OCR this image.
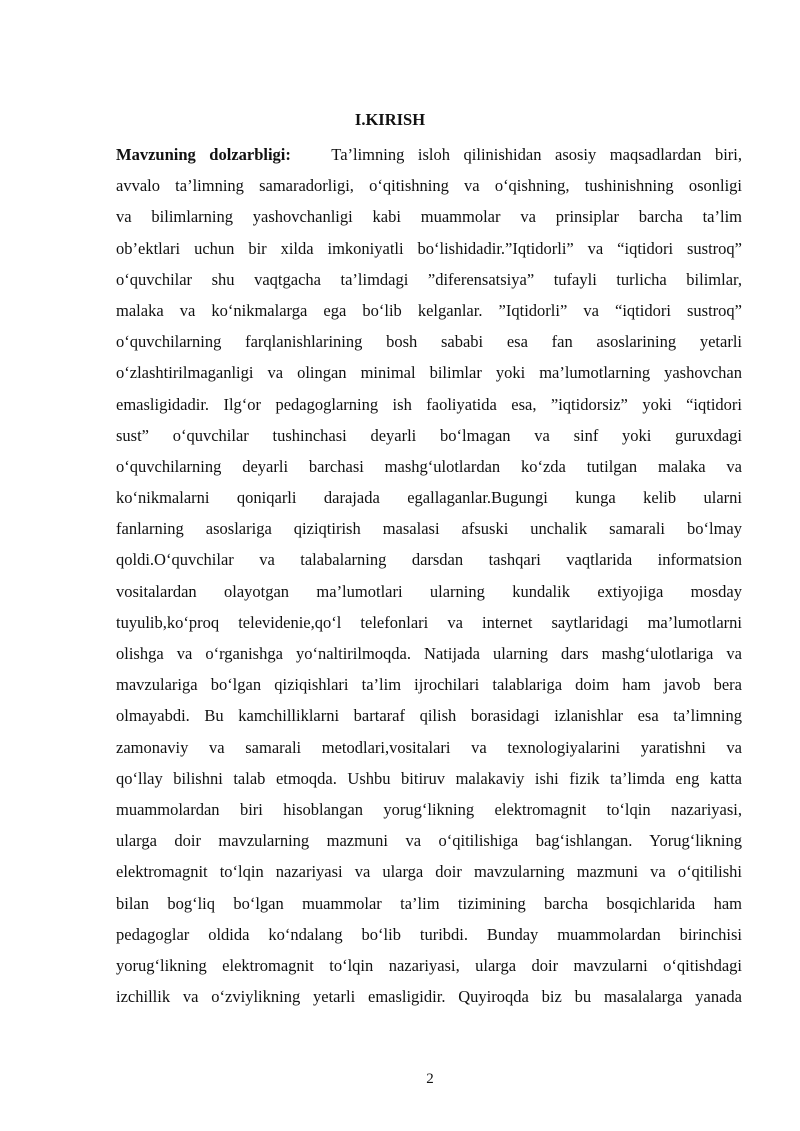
I.KIRISH
Mavzuning dolzarbligi: Ta’limning isloh qilinishidan asosiy maqsadlardan biri,
avvalo ta’limning samaradorligi, o‘qitishning va o‘qishning, tushinishning osonligi
va bilimlarning yashovchanligi kabi muammolar va prinsiplar barcha ta’lim
ob’ektlari uchun bir xilda imkoniyatli bo‘lishidadir.”Iqtidorli” va “iqtidori sustroq”
o‘quvchilar shu vaqtgacha ta’limdagi ”diferensatsiya” tufayli turlicha bilimlar,
malaka va ko‘nikmalarga ega bo‘lib kelganlar. ”Iqtidorli” va “iqtidori sustroq”
o‘quvchilarning farqlanishlarining bosh sababi esa fan asoslarining yetarli
o‘zlashtirilmaganligi va olingan minimal bilimlar yoki ma’lumotlarning yashovchan
emasligidadir. Ilg‘or pedagoglarning ish faoliyatida esa, ”iqtidorsiz” yoki “iqtidori
sust” o‘quvchilar tushinchasi deyarli bo‘lmagan va sinf yoki guruxdagi
o‘quvchilarning deyarli barchasi mashg‘ulotlardan ko‘zda tutilgan malaka va
ko‘nikmalarni qoniqarli darajada egallaganlar.Bugungi kunga kelib ularni
fanlarning asoslariga qiziqtirish masalasi afsuski unchalik samarali bo‘lmay
qoldi.O‘quvchilar va talabalarning darsdan tashqari vaqtlarida informatsion
vositalardan olayotgan ma’lumotlari ularning kundalik extiyojiga mosday
tuyulib,ko‘proq televidenie,qo‘l telefonlari va internet saytlaridagi ma’lumotlarni
olishga va o‘rganishga yo‘naltirilmoqda. Natijada ularning dars mashg‘ulotlariga va
mavzulariga bo‘lgan qiziqishlari ta’lim ijrochilari talablariga doim ham javob bera
olmayabdi. Bu kamchilliklarni bartaraf qilish borasidagi izlanishlar esa ta’limning
zamonaviy va samarali metodlari,vositalari va texnologiyalarini yaratishni va
qo‘llay bilishni talab etmoqda. Ushbu bitiruv malakaviy ishi fizik ta’limda eng katta
muammolardan biri hisoblangan yorug‘likning elektromagnit to‘lqin nazariyasi,
ularga doir mavzularning mazmuni va o‘qitilishiga bag‘ishlangan. Yorug‘likning
elektromagnit to‘lqin nazariyasi va ularga doir mavzularning mazmuni va o‘qitilishi
bilan bog‘liq bo‘lgan muammolar ta’lim tizimining barcha bosqichlarida ham
pedagoglar oldida ko‘ndalang bo‘lib turibdi. Bunday muammolardan birinchisi
yorug‘likning elektromagnit to‘lqin nazariyasi, ularga doir mavzularni o‘qitishdagi
izchillik va o‘zviylikning yetarli emasligidir. Quyiroqda biz bu masalalarga yanada
2
